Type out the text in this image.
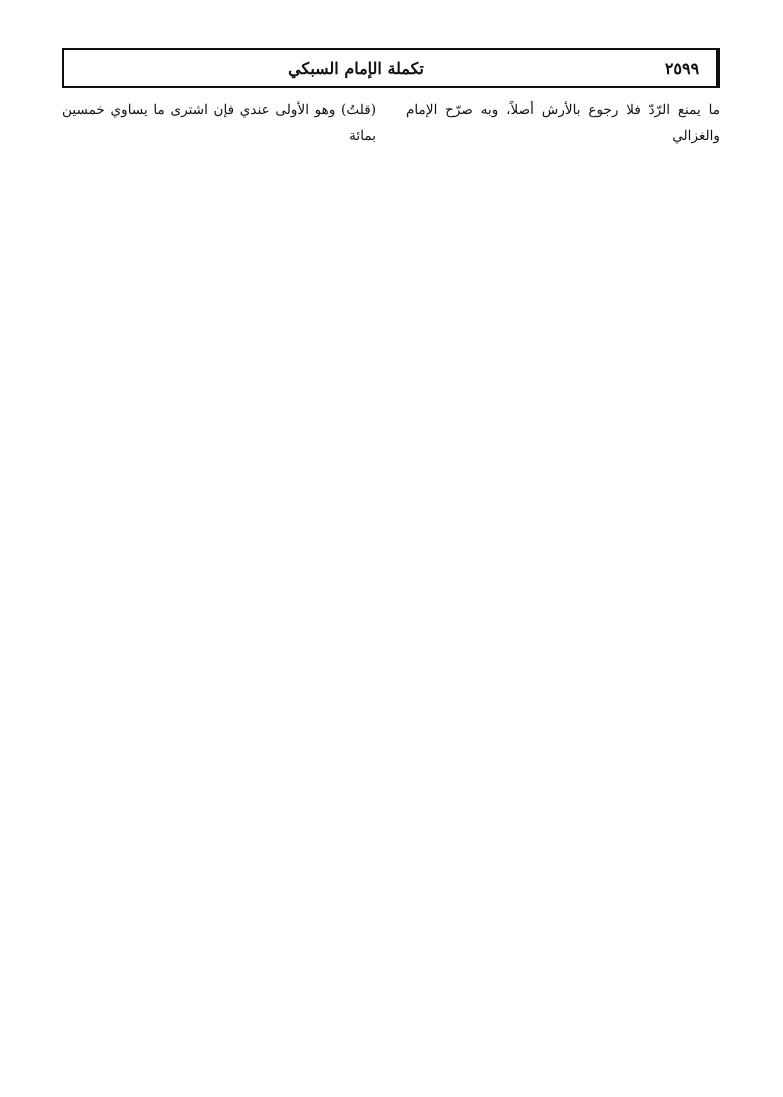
تكملة الإمام السبكي	٢٥٩٩

ما يمنع الرّدّ فلا رجوع بالأرش أصلاً، وبه صرّح الإمام والغزالي

(قلتُ) وهو الأولى عندي فإن اشترى ما يساوي خمسين بمائة
